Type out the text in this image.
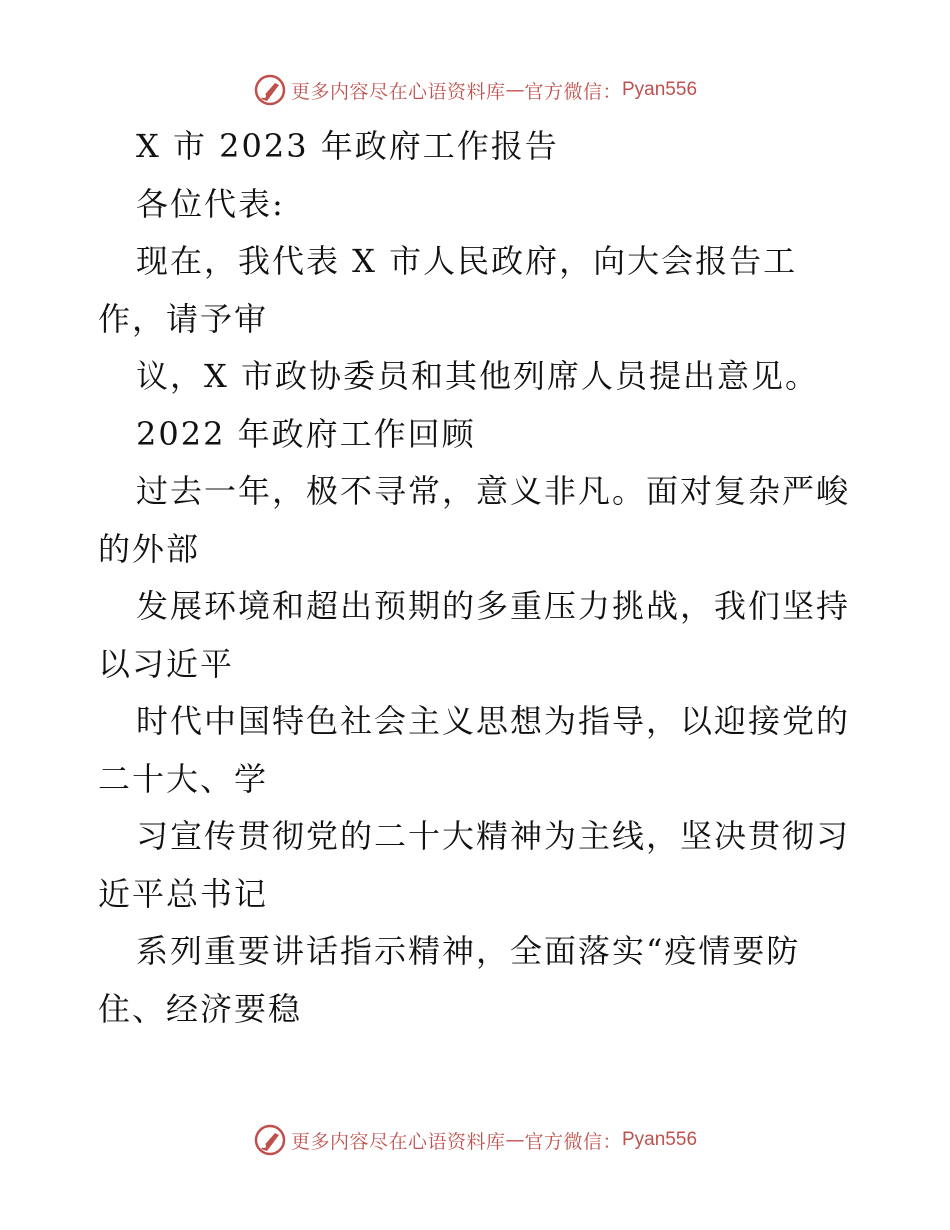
更多内容尽在心语资料库 — 官方微信： Pyan556
X 市 2023 年政府工作报告
各位代表:
现在，我代表 X 市人民政府，向大会报告工
作，请予审
议，X 市政协委员和其他列席人员提出意见。
2022 年政府工作回顾
过去一年，极不寻常，意义非凡。面对复杂严峻
的外部
发展环境和超出预期的多重压力挑战，我们坚持
以习近平
时代中国特色社会主义思想为指导，以迎接党的
二十大、学
习宣传贯彻党的二十大精神为主线，坚决贯彻习
近平总书记
系列重要讲话指示精神，全面落实“疫情要防
住、经济要稳
更多内容尽在心语资料库 — 官方微信： Pyan556
